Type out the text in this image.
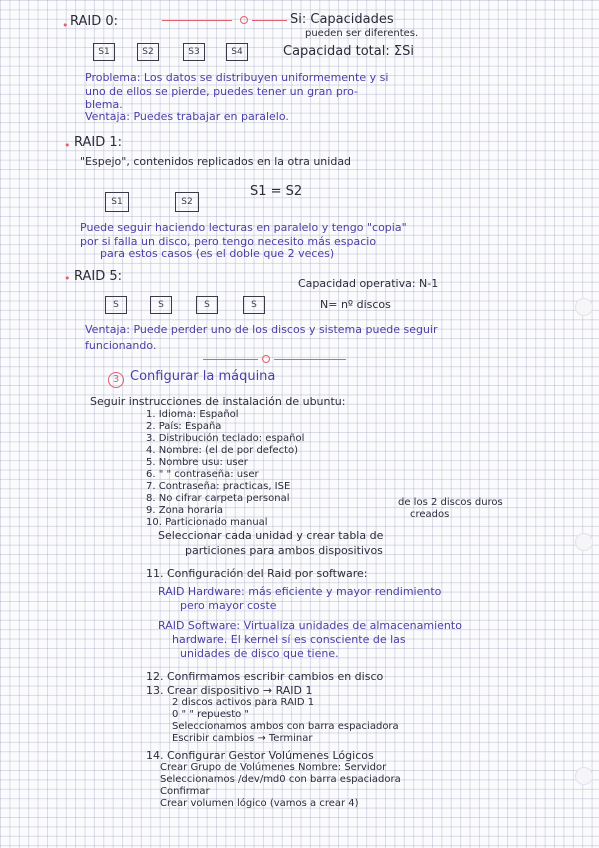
• RAID 0:	Si: Capacidades
pueden ser diferentes.
S1	S2	S3	S4	Capacidad total: ΣSi
Problema: Los datos se distribuyen uniformemente y si
uno de ellos se pierde, puedes tener un gran pro-
blema.
Ventaja: Puedes trabajar en paralelo.
• RAID 1:
"Espejo", contenidos replicados en la otra unidad
S1	S2
S1 = S2
Puede seguir haciendo lecturas en paralelo y tengo "copia"
por si falla un disco, pero tengo necesito más espacio
para estos casos (es el doble que 2 veces)
• RAID 5:	Capacidad operativa: N-1
N= nº discos
S	S	S	S
Ventaja: Puede perder uno de los discos y sistema puede seguir
funcionando.
3 Configurar la máquina
Seguir instrucciones de instalación de ubuntu:
1. Idioma: Español
2. País: España
3. Distribución teclado: español
4. Nombre: (el de por defecto)
5. Nombre usu: user
6. " " contraseña: user
7. Contraseña: practicas, ISE
8. No cifrar carpeta personal
9. Zona horaria
10. Particionado manual
de los 2 discos duros
creados
Seleccionar cada unidad y crear tabla de
particiones para ambos dispositivos
11. Configuración del Raid por software:
RAID Hardware: más eficiente y mayor rendimiento
pero mayor coste
RAID Software: Virtualiza unidades de almacenamiento
hardware. El kernel sí es consciente de las
unidades de disco que tiene.
12. Confirmamos escribir cambios en disco
13. Crear dispositivo → RAID 1
2 discos activos para RAID 1
0 " " repuesto "
Seleccionamos ambos con barra espaciadora
Escribir cambios → Terminar
14. Configurar Gestor Volúmenes Lógicos
Crear Grupo de Volúmenes Nombre: Servidor
Seleccionamos /dev/md0 con barra espaciadora
Confirmar
Crear volumen lógico (vamos a crear 4)
